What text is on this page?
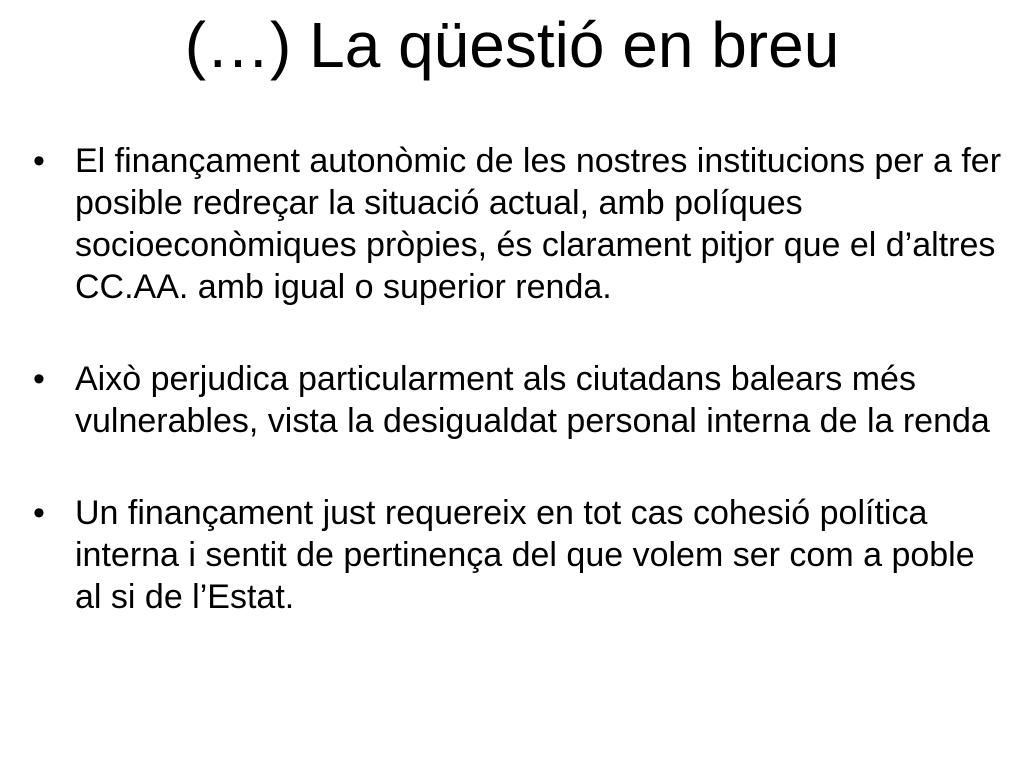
(…) La qüestió en breu
• El finançament autonòmic de les nostres institucions per a fer posible redreçar la situació actual, amb políques socioeconòmiques pròpies, és clarament pitjor que el d’altres CC.AA. amb igual o superior renda.
• Això perjudica particularment als ciutadans balears més vulnerables, vista la desigualdat personal interna de la renda
• Un finançament just requereix en tot cas cohesió política interna i sentit de pertinença del que volem ser com a poble al si de l’Estat.
